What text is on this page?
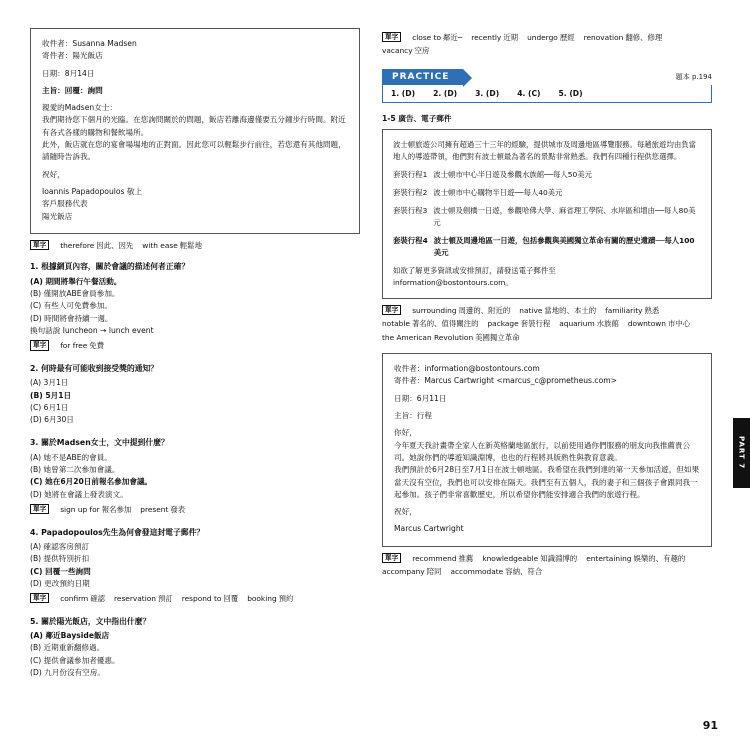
收件者：Susanna Madsen

寄件者：陽光飯店

日期：8月14日

主旨：回覆：詢問

親愛的Madsen女士：

我們期待您下個月的光臨。在您詢問關於的問題，飯店若離海邊僅要五分鐘步行時間。附近有各式各樣的購物和餐飲場所。

此外，飯店就在您的宴會場場地的正對面。因此您可以輕鬆步行前往，若您還有其他問題，請隨時告訴我。

祝好，

Ioannis Papadopoulos 敬上

客戶服務代表

陽光飯店

單字	therefore 因此、因先 with ease 輕鬆地

1. 根據網頁內容，關於會議的描述何者正確？

(A) 期間將舉行午餐活動。

(B) 僅開放ABE會員參加。

(C) 有些人可免費參加。

(D) 時間將會持續一週。

換句話說 luncheon → lunch event

單字	for free 免費

2. 何時最有可能收到接受獎的通知？

(A) 3月1日

(B) 5月1日

(C) 6月1日

(D) 6月30日

3. 關於Madsen女士，文中提到什麼？

(A) 她不是ABE的會員。

(B) 她曾第二次參加會議。

(C) 她在6月20日前報名參加會議。

(D) 她將在會議上發表演文。

單字	sign up for 報名參加 present 發表

4. Papadopoulos先生為何會發這封電子郵件？

(A) 確認客房預訂

(B) 提供特別折扣

(C) 回覆一些詢問

(D) 更改預約日期

單字	confirm 確認 reservation 預訂 respond to 回覆 booking 預約

5. 關於陽光飯店，文中指出什麼？

(A) 鄰近Bayside飯店

(B) 近期重新翻修過。

(C) 提供會議參加者優惠。

(D) 九月份沒有空房。

單字	close to 鄰近─ recently 近期 undergo 歷經 renovation 翻修、修理
vacancy 空房
PRACTICE	題本 p.194
1. (D) 2. (D) 3. (D) 4. (C) 5. (D)
1-5 廣告、電子郵件

波士頓旅遊公司擁有超過三十三年的經驗，提供城市及周邊地區導覽服務。每趟旅遊均由負當地人的導遊帶領，他們對有波士頓最為著名的景點非常熟悉。我們有四種行程供您選擇。

套裝行程1 波士頓市中心半日遊及參觀水族館──每人50美元
套裝行程2 波士頓市中心購物半日遊──每人40美元
套裝行程3 波士頓及劍橋一日遊，參觀哈佛大學、麻省理工學院、水岸區和增由──每人80美元
套裝行程4 波士頓及周邊地區一日遊，包括參觀與美國獨立革命有關的歷史遺蹟──每人100美元

如欲了解更多資訊或安排預訂，請發送電子郵件至

information@bostontours.com。

單字	surrounding 周邊的、附近的 native 當地的、本土的 familiarity 熟悉
notable 著名的、值得關注的 package 套裝行程 aquarium 水族館 downtown 市中心
the American Revolution 美國獨立革命

收件者：information@bostontours.com

寄件者：Marcus Cartwright <marcus_c@prometheus.com>

日期：6月11日

主旨：行程

你好，

今年夏天我計畫帶全家人在新英格蘭地區旅行，以前使用過你們服務的朋友向我推薦貴公司。她說你們的導遊知識淵博，也也的行程將具版熟性與教育意義。

我們預計於6月28日至7月1日在波士頓地區。我希望在我們到達的第一天參加活遊，但如果當天沒有空位，我們也可以安排在隔天。我們至有五個人，我的妻子和三個孩子會跟同我一起參加。孩子們非常喜歡歷史，所以希望你們能安排適合我們的旅遊行程。

祝好，

Marcus Cartwright

單字	recommend 推薦 knowledgeable 知識淵博的 entertaining 娛樂的、有趣的
accompany 陪同 accommodate 容納、符合
PART 7
91
